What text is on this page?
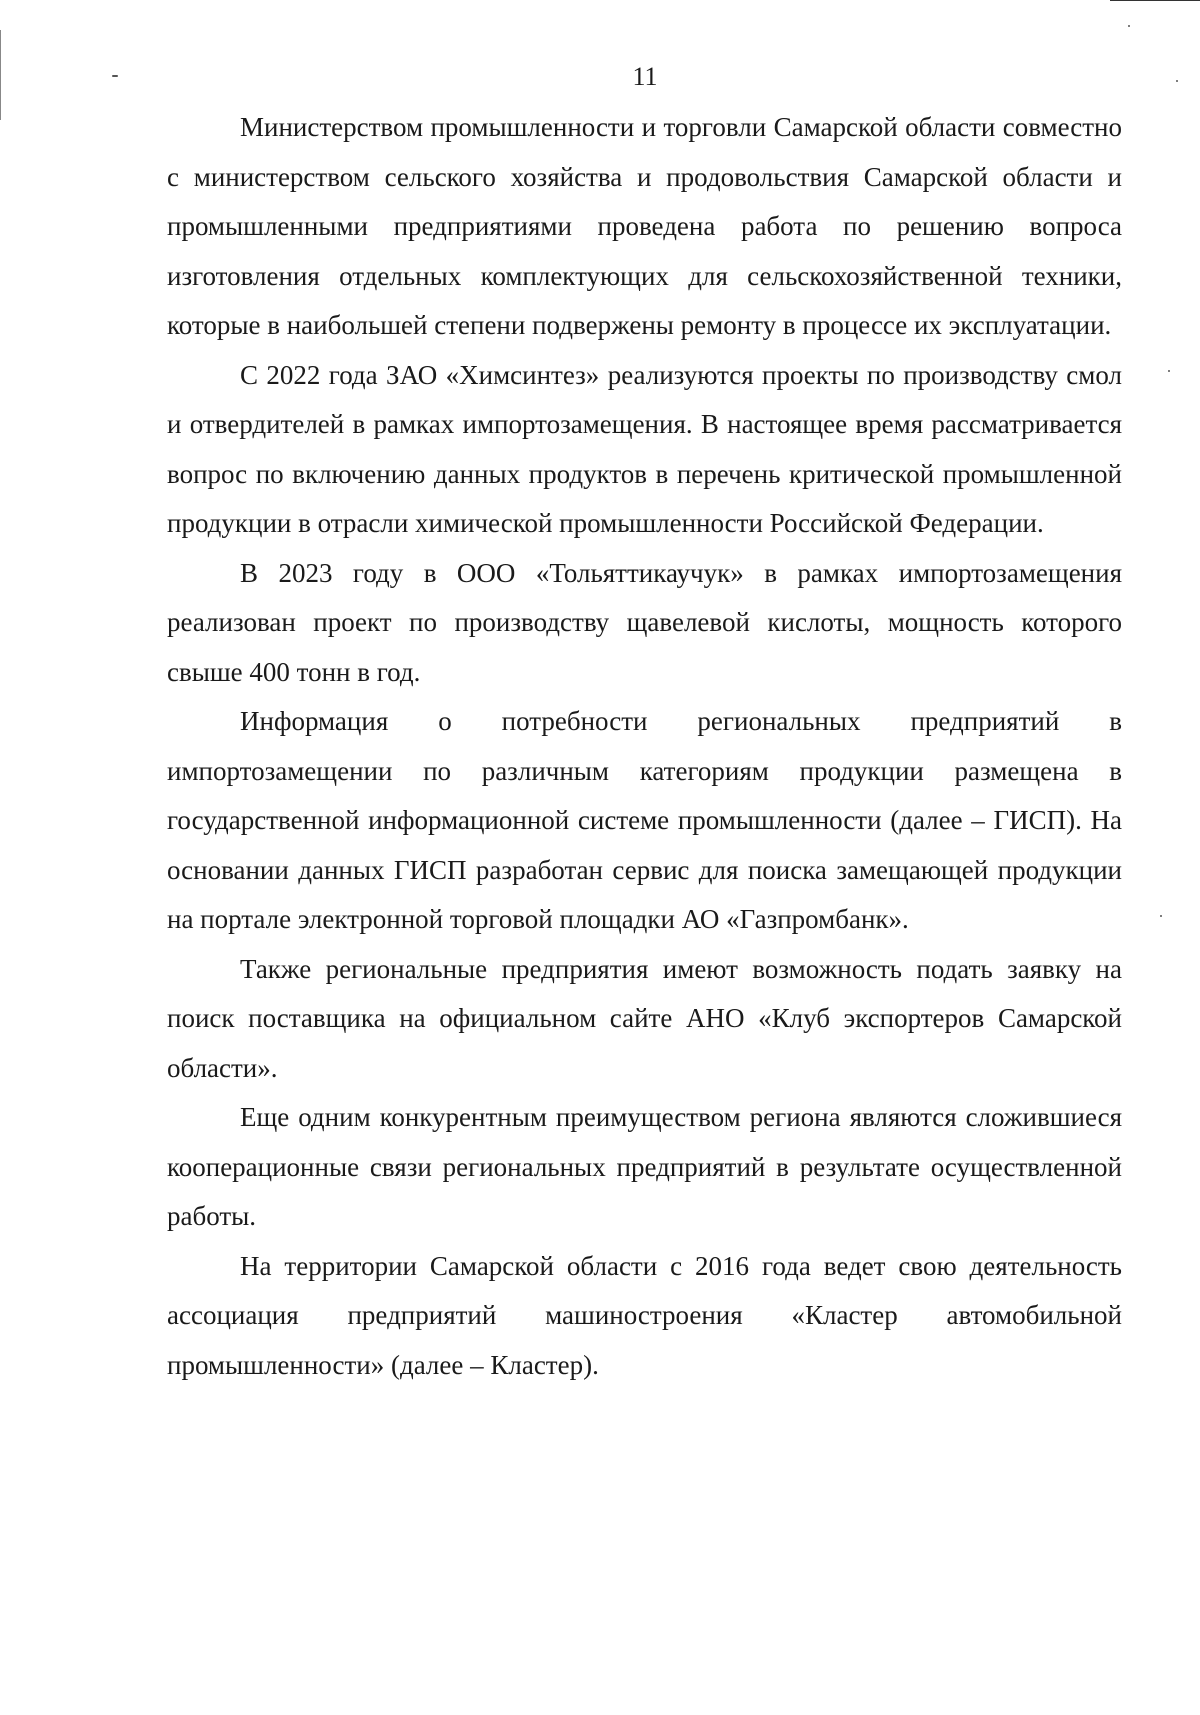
11

Министерством промышленности и торговли Самарской области совместно с министерством сельского хозяйства и продовольствия Самарской области и промышленными предприятиями проведена работа по решению вопроса изготовления отдельных комплектующих для сельскохозяйственной техники, которые в наибольшей степени подвержены ремонту в процессе их эксплуатации.

С 2022 года ЗАО «Химсинтез» реализуются проекты по производству смол и отвердителей в рамках импортозамещения. В настоящее время рассматривается вопрос по включению данных продуктов в перечень критической промышленной продукции в отрасли химической промышленности Российской Федерации.

В 2023 году в ООО «Тольяттикаучук» в рамках импортозамещения реализован проект по производству щавелевой кислоты, мощность которого свыше 400 тонн в год.

Информация о потребности региональных предприятий в импортозамещении по различным категориям продукции размещена в государственной информационной системе промышленности (далее – ГИСП). На основании данных ГИСП разработан сервис для поиска замещающей продукции на портале электронной торговой площадки АО «Газпромбанк».

Также региональные предприятия имеют возможность подать заявку на поиск поставщика на официальном сайте АНО «Клуб экспортеров Самарской области».

Еще одним конкурентным преимуществом региона являются сложившиеся кооперационные связи региональных предприятий в результате осуществленной работы.

На территории Самарской области с 2016 года ведет свою деятельность ассоциация предприятий машиностроения «Кластер автомобильной промышленности» (далее – Кластер).
